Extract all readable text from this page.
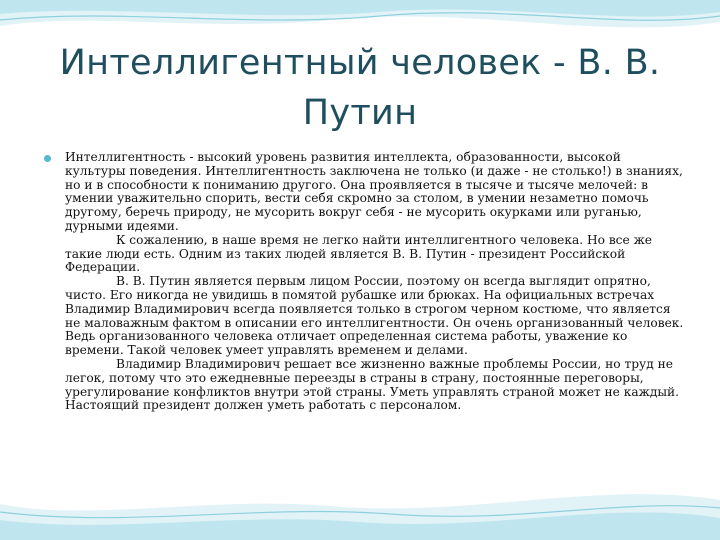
Интеллигентный человек - В. В. Путин

Интеллигентность - высокий уровень развития интеллекта, образованности, высокой культуры поведения. Интеллигентность заключена не только (и даже - не столько!) в знаниях, но и в способности к пониманию другого. Она проявляется в тысяче и тысяче мелочей: в умении уважительно спорить, вести себя скромно за столом, в умении незаметно помочь другому, беречь природу, не мусорить вокруг себя - не мусорить окурками или руганью, дурными идеями.

К сожалению, в наше время не легко найти интеллигентного человека. Но все же такие люди есть. Одним из таких людей является В. В. Путин - президент Российской Федерации.

В. В. Путин является первым лицом России, поэтому он всегда выглядит опрятно, чисто. Его никогда не увидишь в помятой рубашке или брюках. На официальных встречах Владимир Владимирович всегда появляется только в строгом черном костюме, что является не маловажным фактом в описании его интеллигентности. Он очень организованный человек. Ведь организованного человека отличает определенная система работы, уважение ко времени. Такой человек умеет управлять временем и делами.

Владимир Владимирович решает все жизненно важные проблемы России, но труд не легок, потому что это ежедневные переезды в страны в страну, постоянные переговоры, урегулирование конфликтов внутри этой страны. Уметь управлять страной может не каждый. Настоящий президент должен уметь работать с персоналом.
